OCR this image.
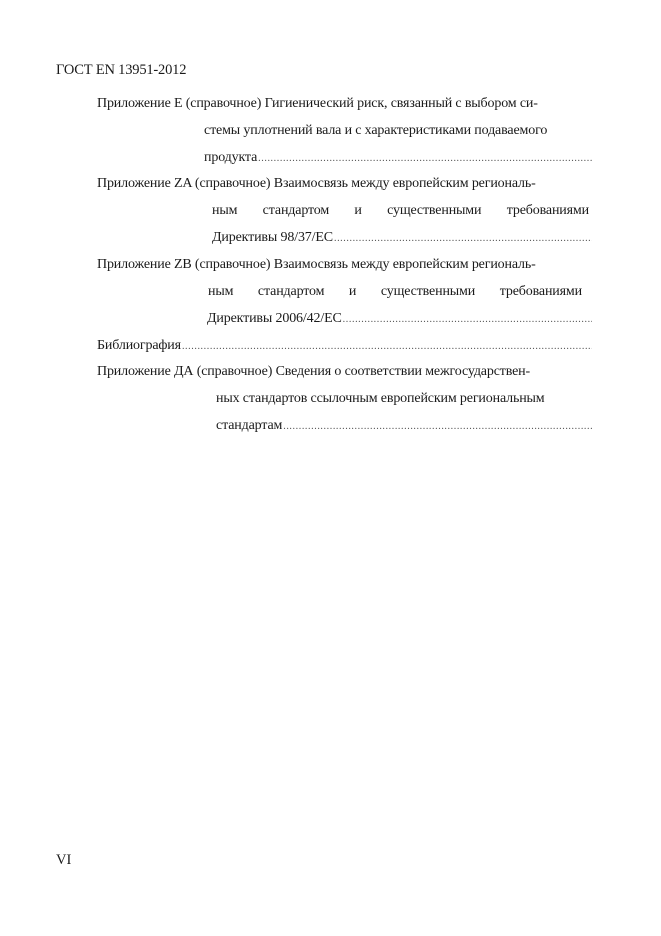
ГОСТ EN 13951-2012
Приложение E (справочное) Гигиенический риск, связанный с выбором си-
стемы уплотнений вала и с характеристиками подаваемого
продукта
.....
Приложение ZA (справочное) Взаимосвязь между европейским региональ-
ным стандартом и существенными требованиями
Директивы 98/37/ЕС
.....
Приложение ZB (справочное) Взаимосвязь между европейским региональ-
ным стандартом и существенными требованиями
Директивы 2006/42/ЕС
.....
Библиография
.....
Приложение ДА (справочное) Сведения о соответствии межгосударствен-
ных стандартов ссылочным европейским региональным
стандартам
.....
VI
